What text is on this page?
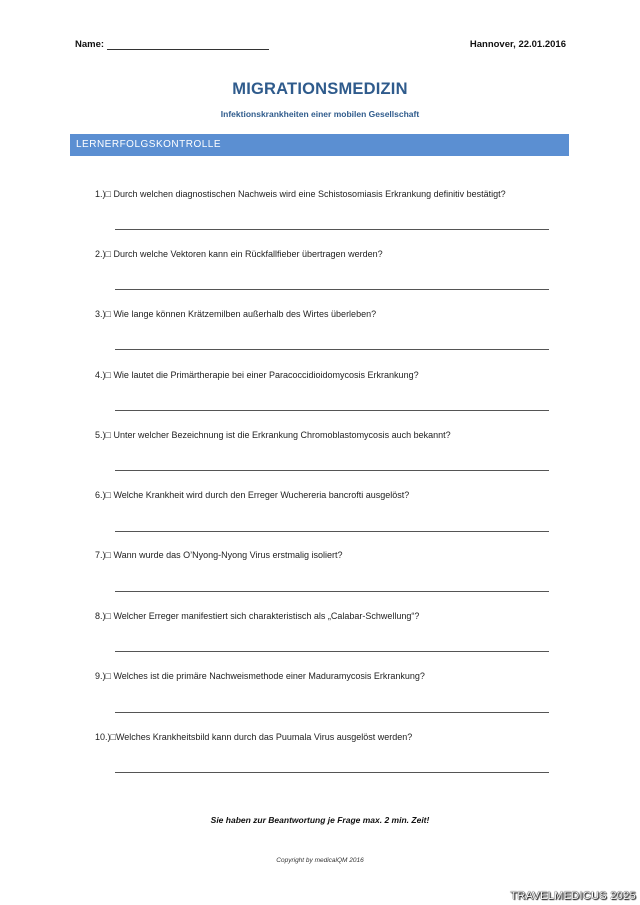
Name:	Hannover, 22.01.2016
MIGRATIONSMEDIZIN
Infektionskrankheiten einer mobilen Gesellschaft
LERNERFOLGSKONTROLLE
1.)□ Durch welchen diagnostischen Nachweis wird eine Schistosomiasis Erkrankung definitiv bestätigt?
2.)□ Durch welche Vektoren kann ein Rückfallfieber übertragen werden?
3.)□ Wie lange können Krätzemilben außerhalb des Wirtes überleben?
4.)□ Wie lautet die Primärtherapie bei einer Paracoccidioidomycosis Erkrankung?
5.)□ Unter welcher Bezeichnung ist die Erkrankung Chromoblastomycosis auch bekannt?
6.)□ Welche Krankheit wird durch den Erreger Wuchereria bancrofti ausgelöst?
7.)□ Wann wurde das O’Nyong-Nyong Virus erstmalig isoliert?
8.)□ Welcher Erreger manifestiert sich charakteristisch als „Calabar-Schwellung“?
9.)□ Welches ist die primäre Nachweismethode einer Maduramycosis Erkrankung?
10.)□Welches Krankheitsbild kann durch das Puumala Virus ausgelöst werden?
Sie haben zur Beantwortung je Frage max. 2 min. Zeit!
Copyright by medicalQM 2016
TRAVELMEDICUS 2025
